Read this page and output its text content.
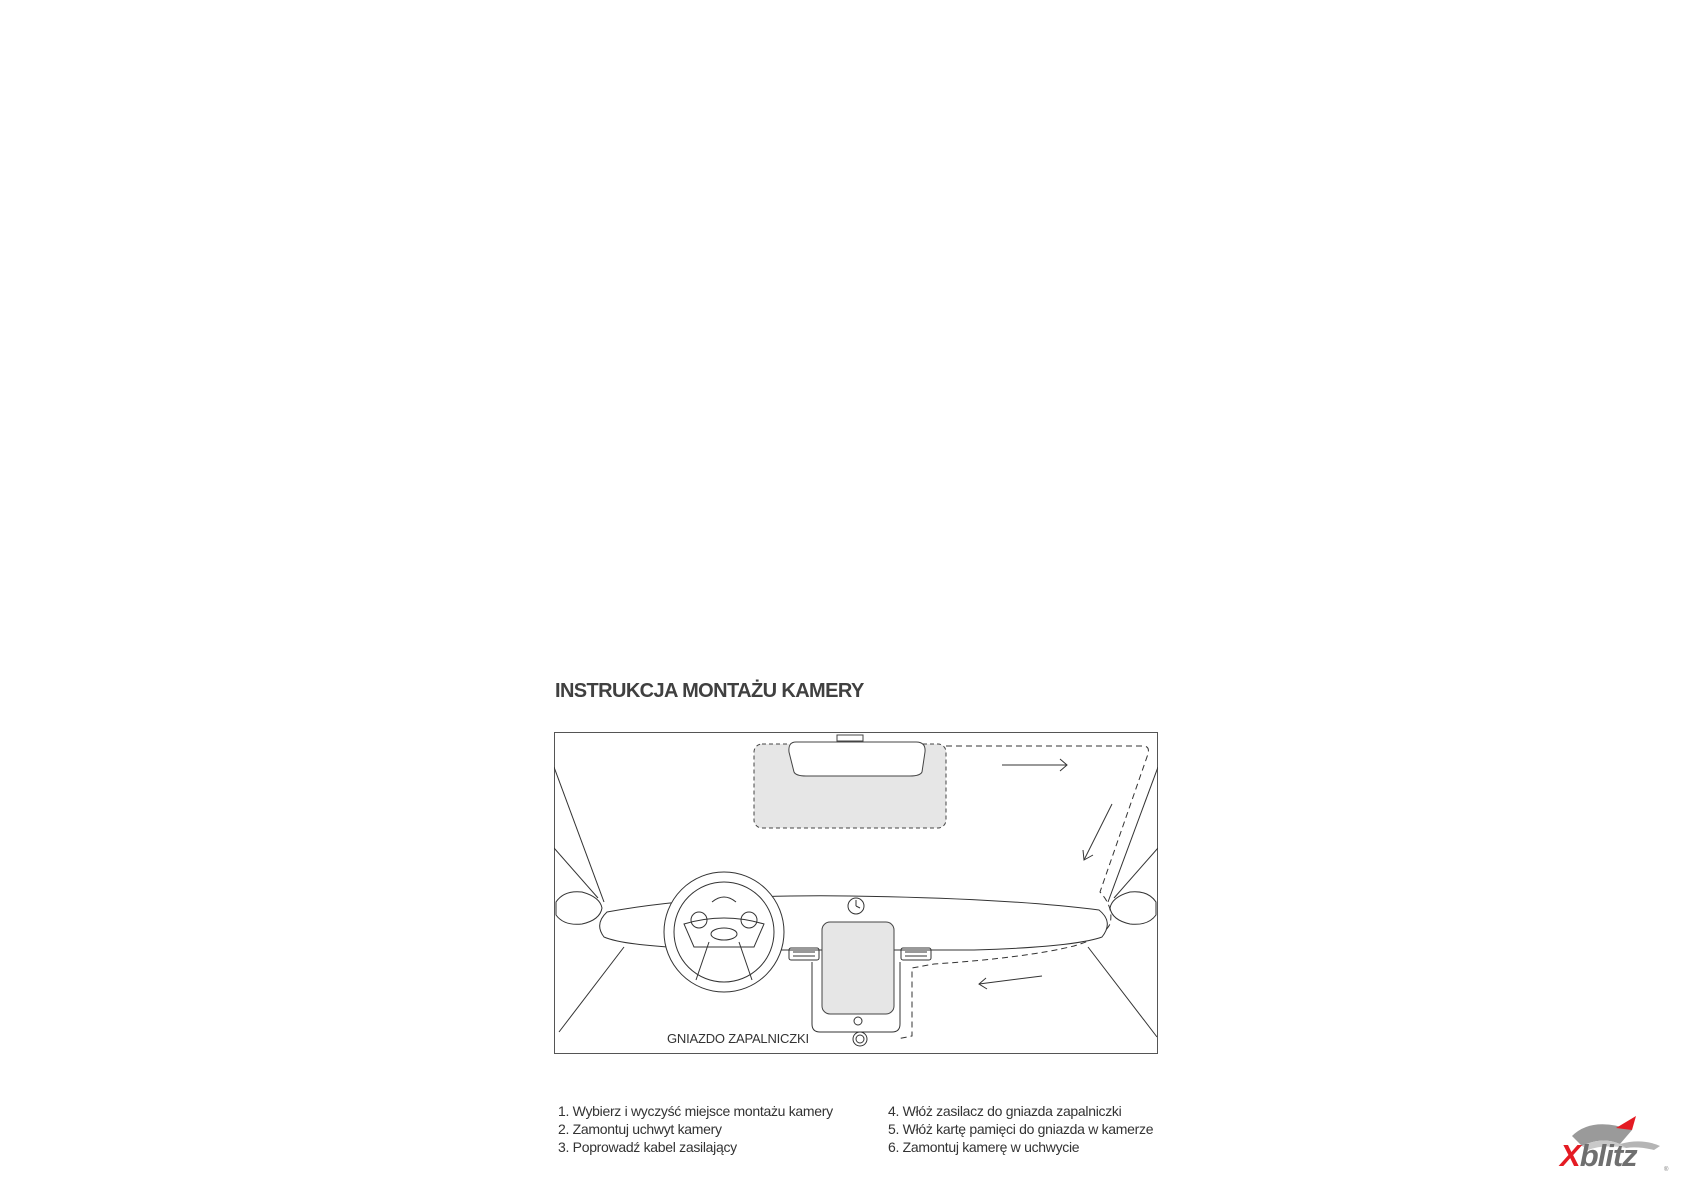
INSTRUKCJA MONTAŻU KAMERY
GNIAZDO ZAPALNICZKI
1. Wybierz i wyczyść miejsce montażu kamery
2. Zamontuj uchwyt kamery
3. Poprowadź kabel zasilający
4. Włóż zasilacz do gniazda zapalniczki
5. Włóż kartę pamięci do gniazda w kamerze
6. Zamontuj kamerę w uchwycie	Xblitz	®
